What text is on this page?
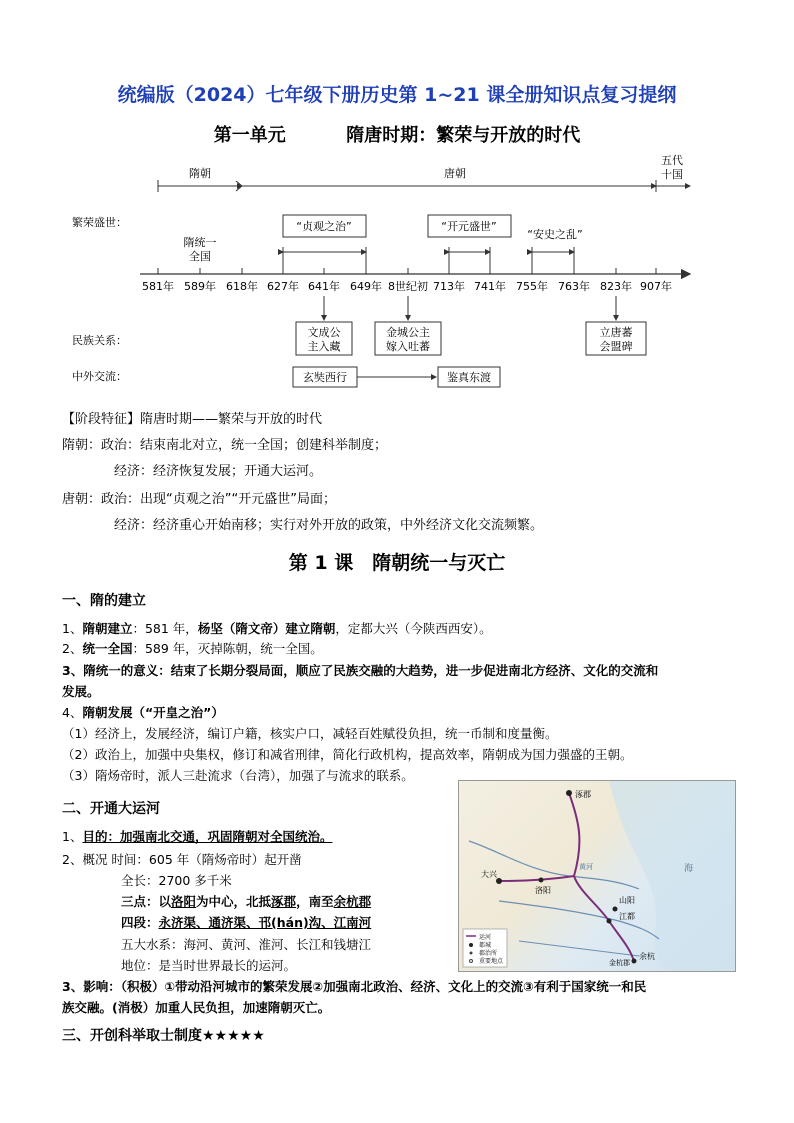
统编版（2024）七年级下册历史第 1~21 课全册知识点复习提纲
第一单元	隋唐时期：繁荣与开放的时代
隋朝	唐朝
五代
十国
繁荣盛世：
民族关系：
中外交流：
581年 589年 618年 627年 641年 649年 8世纪初 713年 741年 755年 763年 823年 907年
隋统一
全国
“贞观之治”	“开元盛世”
“安史之乱”
文成公
主入藏
金城公主
嫁入吐蕃
立唐蕃
会盟碑
玄奘西行	鉴真东渡
【阶段特征】隋唐时期——繁荣与开放的时代
隋朝：政治：结束南北对立，统一全国；创建科举制度；
经济：经济恢复发展；开通大运河。
唐朝：政治：出现“贞观之治”“开元盛世”局面；
经济：经济重心开始南移；实行对外开放的政策，中外经济文化交流频繁。
第 1 课　隋朝统一与灭亡
一、隋的建立
1、隋朝建立：581 年，杨坚（隋文帝）建立隋朝，定都大兴（今陕西西安）。
2、统一全国：589 年，灭掉陈朝，统一全国。
3、隋统一的意义：结束了长期分裂局面，顺应了民族交融的大趋势，进一步促进南北方经济、文化的交流和
发展。
4、隋朝发展（“开皇之治”）
（1）经济上，发展经济，编订户籍，核实户口，减轻百姓赋役负担，统一币制和度量衡。
（2）政治上，加强中央集权，修订和减省刑律，简化行政机构，提高效率，隋朝成为国力强盛的王朝。
（3）隋炀帝时，派人三赴流求（台湾），加强了与流求的联系。
二、开通大运河
1、目的：加强南北交通，巩固隋朝对全国统治。
2、概况 时间：605 年（隋炀帝时）起开凿
全长：2700 多千米
三点：以洛阳为中心，北抵涿郡，南至余杭郡
四段：永济渠、通济渠、邗(hán)沟、江南河
五大水系：海河、黄河、淮河、长江和钱塘江
地位：是当时世界最长的运河。
3、影响：（积极）①带动沿河城市的繁荣发展②加强南北政治、经济、文化上的交流③有利于国家统一和民
族交融。(消极）加重人民负担，加速隋朝灭亡。
涿郡
大兴
洛阳
余杭
金杭郡
江都
山阳
海
黄河
运河
都城
郡治所
重要地点
三、开创科举取士制度★★★★★
